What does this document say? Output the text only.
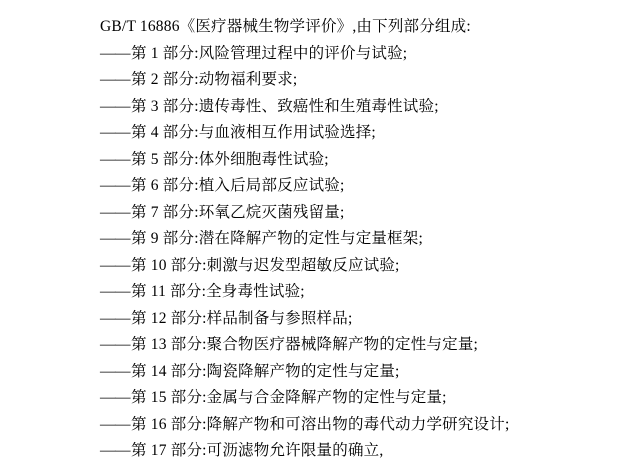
GB/T 16886《医疗器械生物学评价》,由下列部分组成:
——第 1 部分:风险管理过程中的评价与试验;
——第 2 部分:动物福利要求;
——第 3 部分:遗传毒性、致癌性和生殖毒性试验;
——第 4 部分:与血液相互作用试验选择;
——第 5 部分:体外细胞毒性试验;
——第 6 部分:植入后局部反应试验;
——第 7 部分:环氧乙烷灭菌残留量;
——第 9 部分:潜在降解产物的定性与定量框架;
——第 10 部分:刺激与迟发型超敏反应试验;
——第 11 部分:全身毒性试验;
——第 12 部分:样品制备与参照样品;
——第 13 部分:聚合物医疗器械降解产物的定性与定量;
——第 14 部分:陶瓷降解产物的定性与定量;
——第 15 部分:金属与合金降解产物的定性与定量;
——第 16 部分:降解产物和可溶出物的毒代动力学研究设计;
——第 17 部分:可沥滤物允许限量的确立,
